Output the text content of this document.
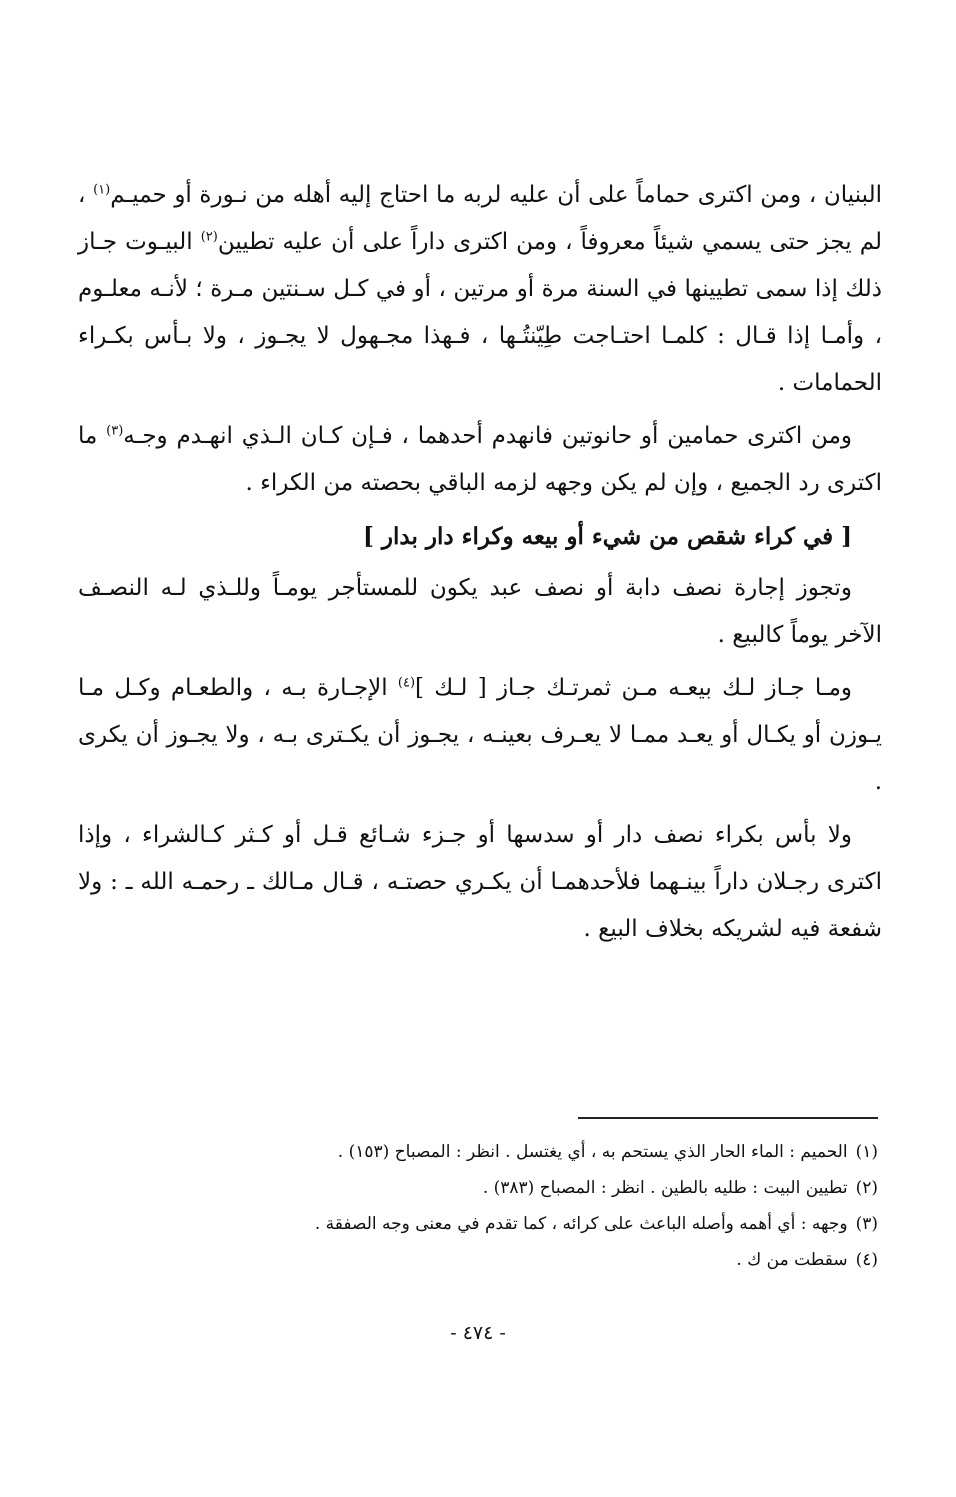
البنيان ، ومن اكترى حماماً على أن عليه لربه ما احتاج إليه أهله من نـورة أو حميـم$^{(١)}$ ، لم يجز حتى يسمي شيئاً معروفاً ، ومن اكترى داراً على أن عليه تطيين$^{(٢)}$ البيـوت جـاز ذلك إذا سمى تطيينها في السنة مرة أو مرتين ، أو في كـل سـنتين مـرة ؛ لأنـه معلـوم ، وأمـا إذا قـال : كلمـا احتـاجت طِيّنتُـها ، فـهذا مجـهول لا يجـوز ، ولا بـأس بكـراء الحمامات .

ومن اكترى حمامين أو حانوتين فانهدم أحدهما ، فـإن كـان الـذي انهـدم وجـه$^{(٣)}$ ما اكترى رد الجميع ، وإن لم يكن وجهه لزمه الباقي بحصته من الكراء .

[ في كراء شقص من شيء أو بيعه وكراء دار بدار ]

وتجوز إجارة نصف دابة أو نصف عبد يكون للمستأجر يومـاً وللـذي لـه النصـف الآخر يوماً كالبيع .

ومـا جـاز لـك بيعـه مـن ثمرتـك جـاز [ لـك ]$^{(٤)}$ الإجـارة بـه ، والطعـام وكـل مـا يـوزن أو يكـال أو يعـد ممـا لا يعـرف بعينـه ، يجـوز أن يكـترى بـه ، ولا يجـوز أن يكرى .

ولا بأس بكراء نصف دار أو سدسها أو جـزء شـائع قـل أو كـثر كـالشراء ، وإذا اكترى رجـلان داراً بينـهما فلأحدهمـا أن يكـري حصتـه ، قـال مـالك ـ رحمـه الله ـ : ولا شفعة فيه لشريكه بخلاف البيع .

(١)الحميم : الماء الحار الذي يستحم به ، أي يغتسل . انظر : المصباح (١٥٣) .
(٢)تطيين البيت : طليه بالطين . انظر : المصباح (٣٨٣) .
(٣)وجهه : أي أهمه وأصله الباعث على كرائه ، كما تقدم في معنى وجه الصفقة .
(٤)سقطت من ك .
- ٤٧٤ -
